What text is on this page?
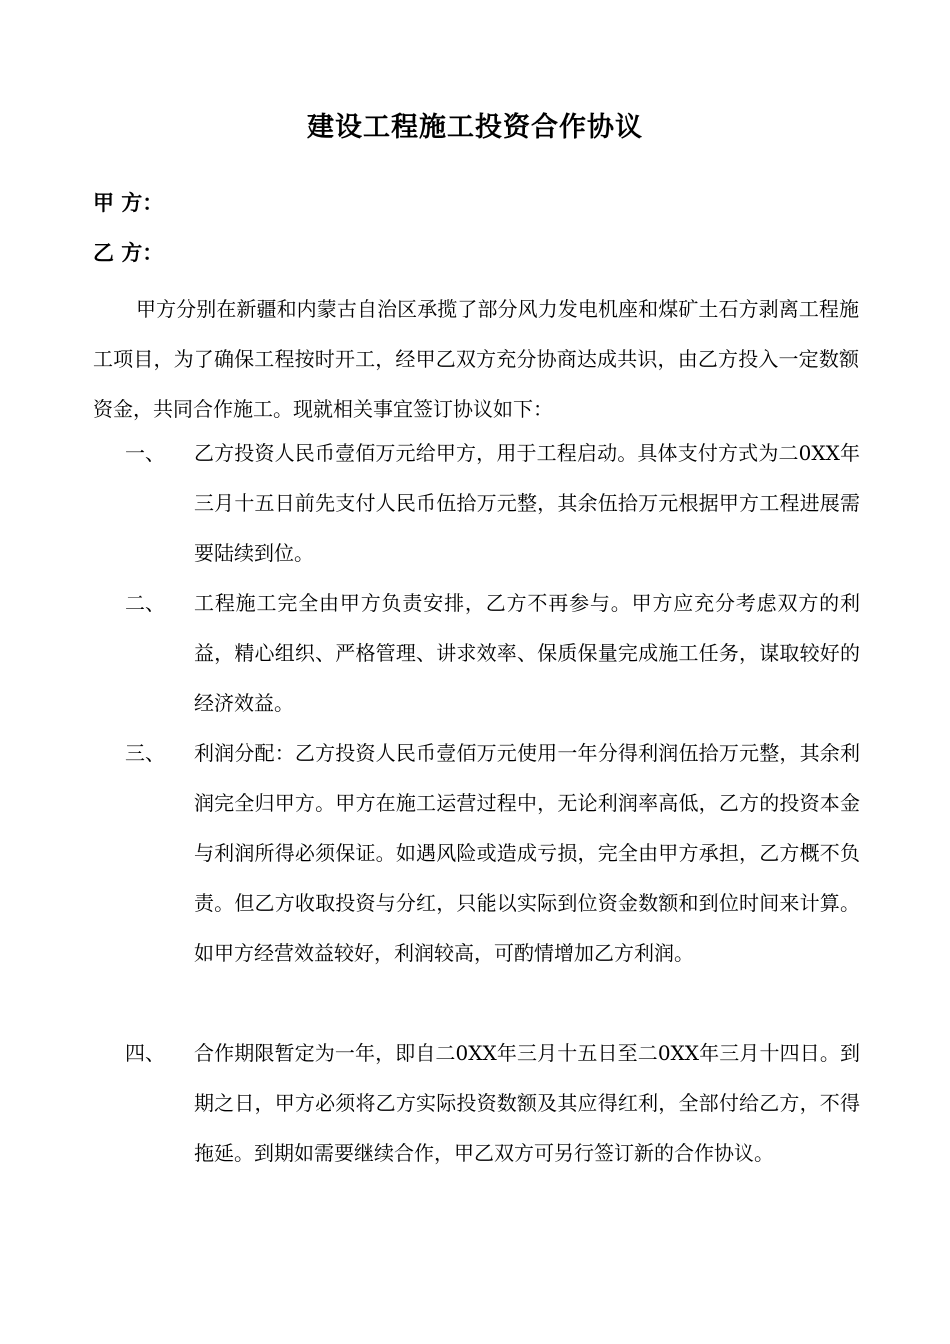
建设工程施工投资合作协议
甲 方：
乙 方：

甲方分别在新疆和内蒙古自治区承揽了部分风力发电机座和煤矿土石方剥离工程施工项目，为了确保工程按时开工，经甲乙双方充分协商达成共识，由乙方投入一定数额资金，共同合作施工。现就相关事宜签订协议如下：

一、 乙方投资人民币壹佰万元给甲方，用于工程启动。具体支付方式为二0XX年三月十五日前先支付人民币伍拾万元整，其余伍拾万元根据甲方工程进展需要陆续到位。

二、 工程施工完全由甲方负责安排，乙方不再参与。甲方应充分考虑双方的利益，精心组织、严格管理、讲求效率、保质保量完成施工任务，谋取较好的经济效益。

三、 利润分配：乙方投资人民币壹佰万元使用一年分得利润伍拾万元整，其余利润完全归甲方。甲方在施工运营过程中，无论利润率高低，乙方的投资本金与利润所得必须保证。如遇风险或造成亏损，完全由甲方承担，乙方概不负责。但乙方收取投资与分红，只能以实际到位资金数额和到位时间来计算。如甲方经营效益较好，利润较高，可酌情增加乙方利润。

四、 合作期限暂定为一年，即自二0XX年三月十五日至二0XX年三月十四日。到期之日，甲方必须将乙方实际投资数额及其应得红利，全部付给乙方，不得拖延。到期如需要继续合作，甲乙双方可另行签订新的合作协议。
